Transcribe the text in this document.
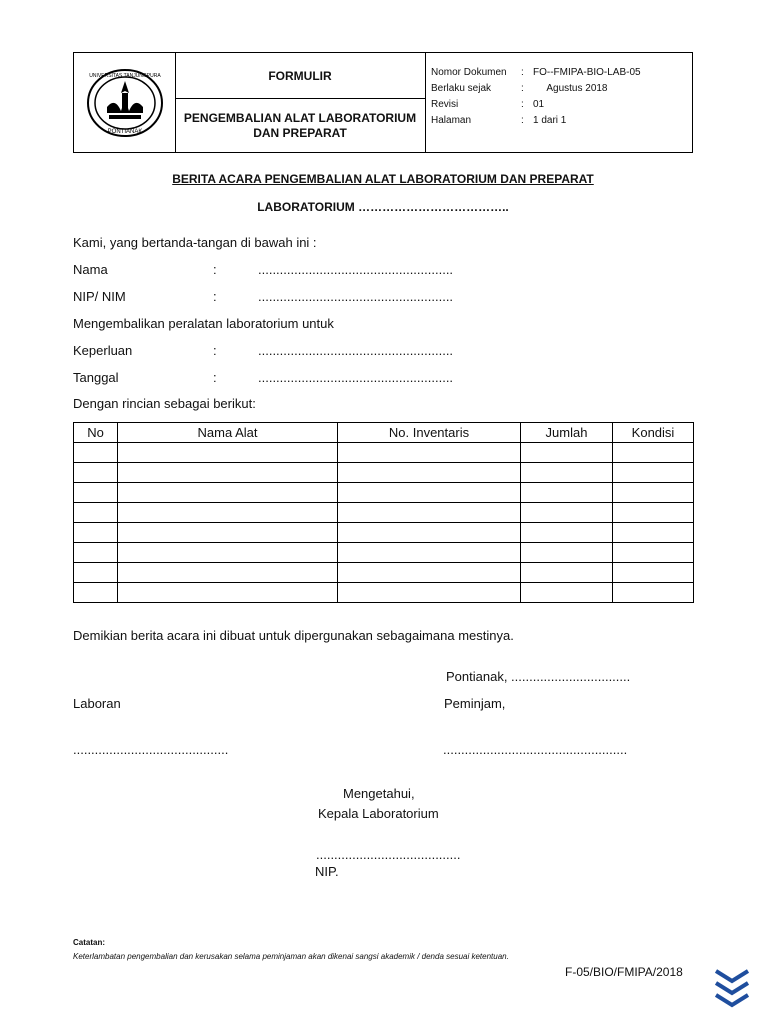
PONTIANAK
UNIVERSITAS TANJUNGPURA	FORMULIR
PENGEMBALIAN ALAT LABORATORIUM DAN PREPARAT
Nomor Dokumen	: FO--FMIPA-BIO-LAB-05
Berlaku sejak	: Agustus 2018
Revisi	: 01
Halaman	: 1 dari 1
BERITA ACARA PENGEMBALIAN ALAT LABORATORIUM DAN PREPARAT
LABORATORIUM ………………………………..
Kami, yang bertanda-tangan di bawah ini :
Nama	:	......................................................
NIP/ NIM	:	......................................................
Mengembalikan peralatan laboratorium untuk
Keperluan	:	......................................................
Tanggal	:	......................................................
Dengan rincian sebagai berikut:
No	Nama Alat	No. Inventaris	Jumlah	Kondisi

Demikian berita acara ini dibuat untuk dipergunakan sebagaimana mestinya.
Pontianak, .................................
Laboran	Peminjam,
...........................................	...................................................
Mengetahui,
Kepala Laboratorium
........................................
NIP.
Catatan:
Keterlambatan pengembalian dan kerusakan selama peminjaman akan dikenai sangsi akademik / denda sesuai ketentuan.
F-05/BIO/FMIPA/2018
